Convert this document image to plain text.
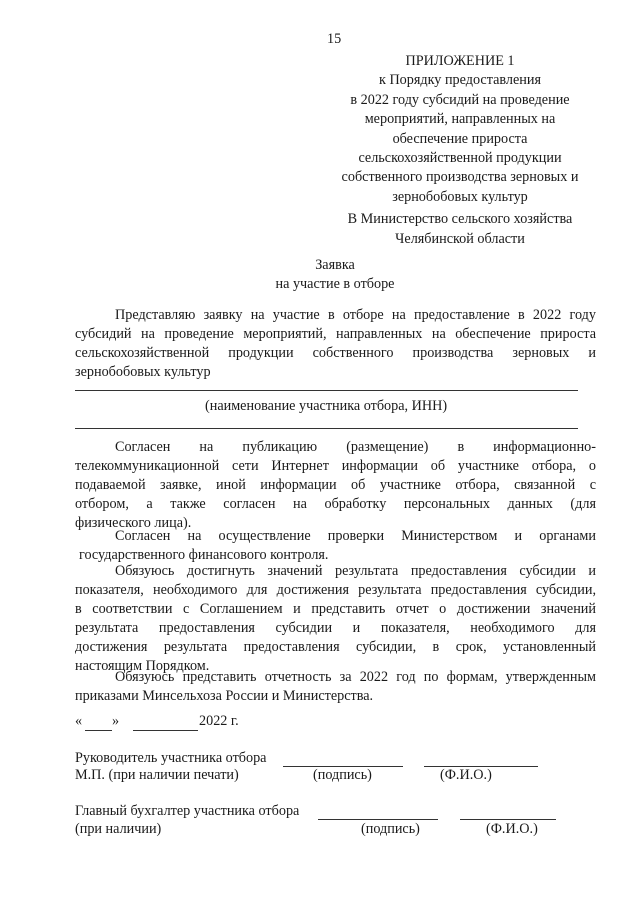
15
ПРИЛОЖЕНИЕ 1
к Порядку предоставления
в 2022 году субсидий на проведение
мероприятий, направленных на
обеспечение прироста
сельскохозяйственной продукции
собственного производства зерновых и
зернобобовых культур
В Министерство сельского хозяйства
Челябинской области
Заявка
на участие в отборе
Представляю заявку на участие в отборе на предоставление в 2022 году
субсидий на проведение мероприятий, направленных на обеспечение прироста
сельскохозяйственной продукции собственного производства зерновых и
зернобобовых культур
(наименование участника отбора, ИНН)
Согласен на публикацию (размещение) в информационно-
телекоммуникационной сети Интернет информации об участнике отбора, о
подаваемой заявке, иной информации об участнике отбора, связанной с
отбором, а также согласен на обработку персональных данных (для
физического лица).
Согласен на осуществление проверки Министерством и органами
государственного финансового контроля.
Обязуюсь достигнуть значений результата предоставления субсидии и
показателя, необходимого для достижения результата предоставления субсидии,
в соответствии с Соглашением и представить отчет о достижении значений
результата предоставления субсидии и показателя, необходимого для
достижения результата предоставления субсидии, в срок, установленный
настоящим Порядком.
Обязуюсь представить отчетность за 2022 год по формам, утвержденным
приказами Минсельхоза России и Министерства.
« »	2022 г.
Руководитель участника отбора
М.П. (при наличии печати)	(подпись)	(Ф.И.О.)
Главный бухгалтер участника отбора
(при наличии)	(подпись)	(Ф.И.О.)
